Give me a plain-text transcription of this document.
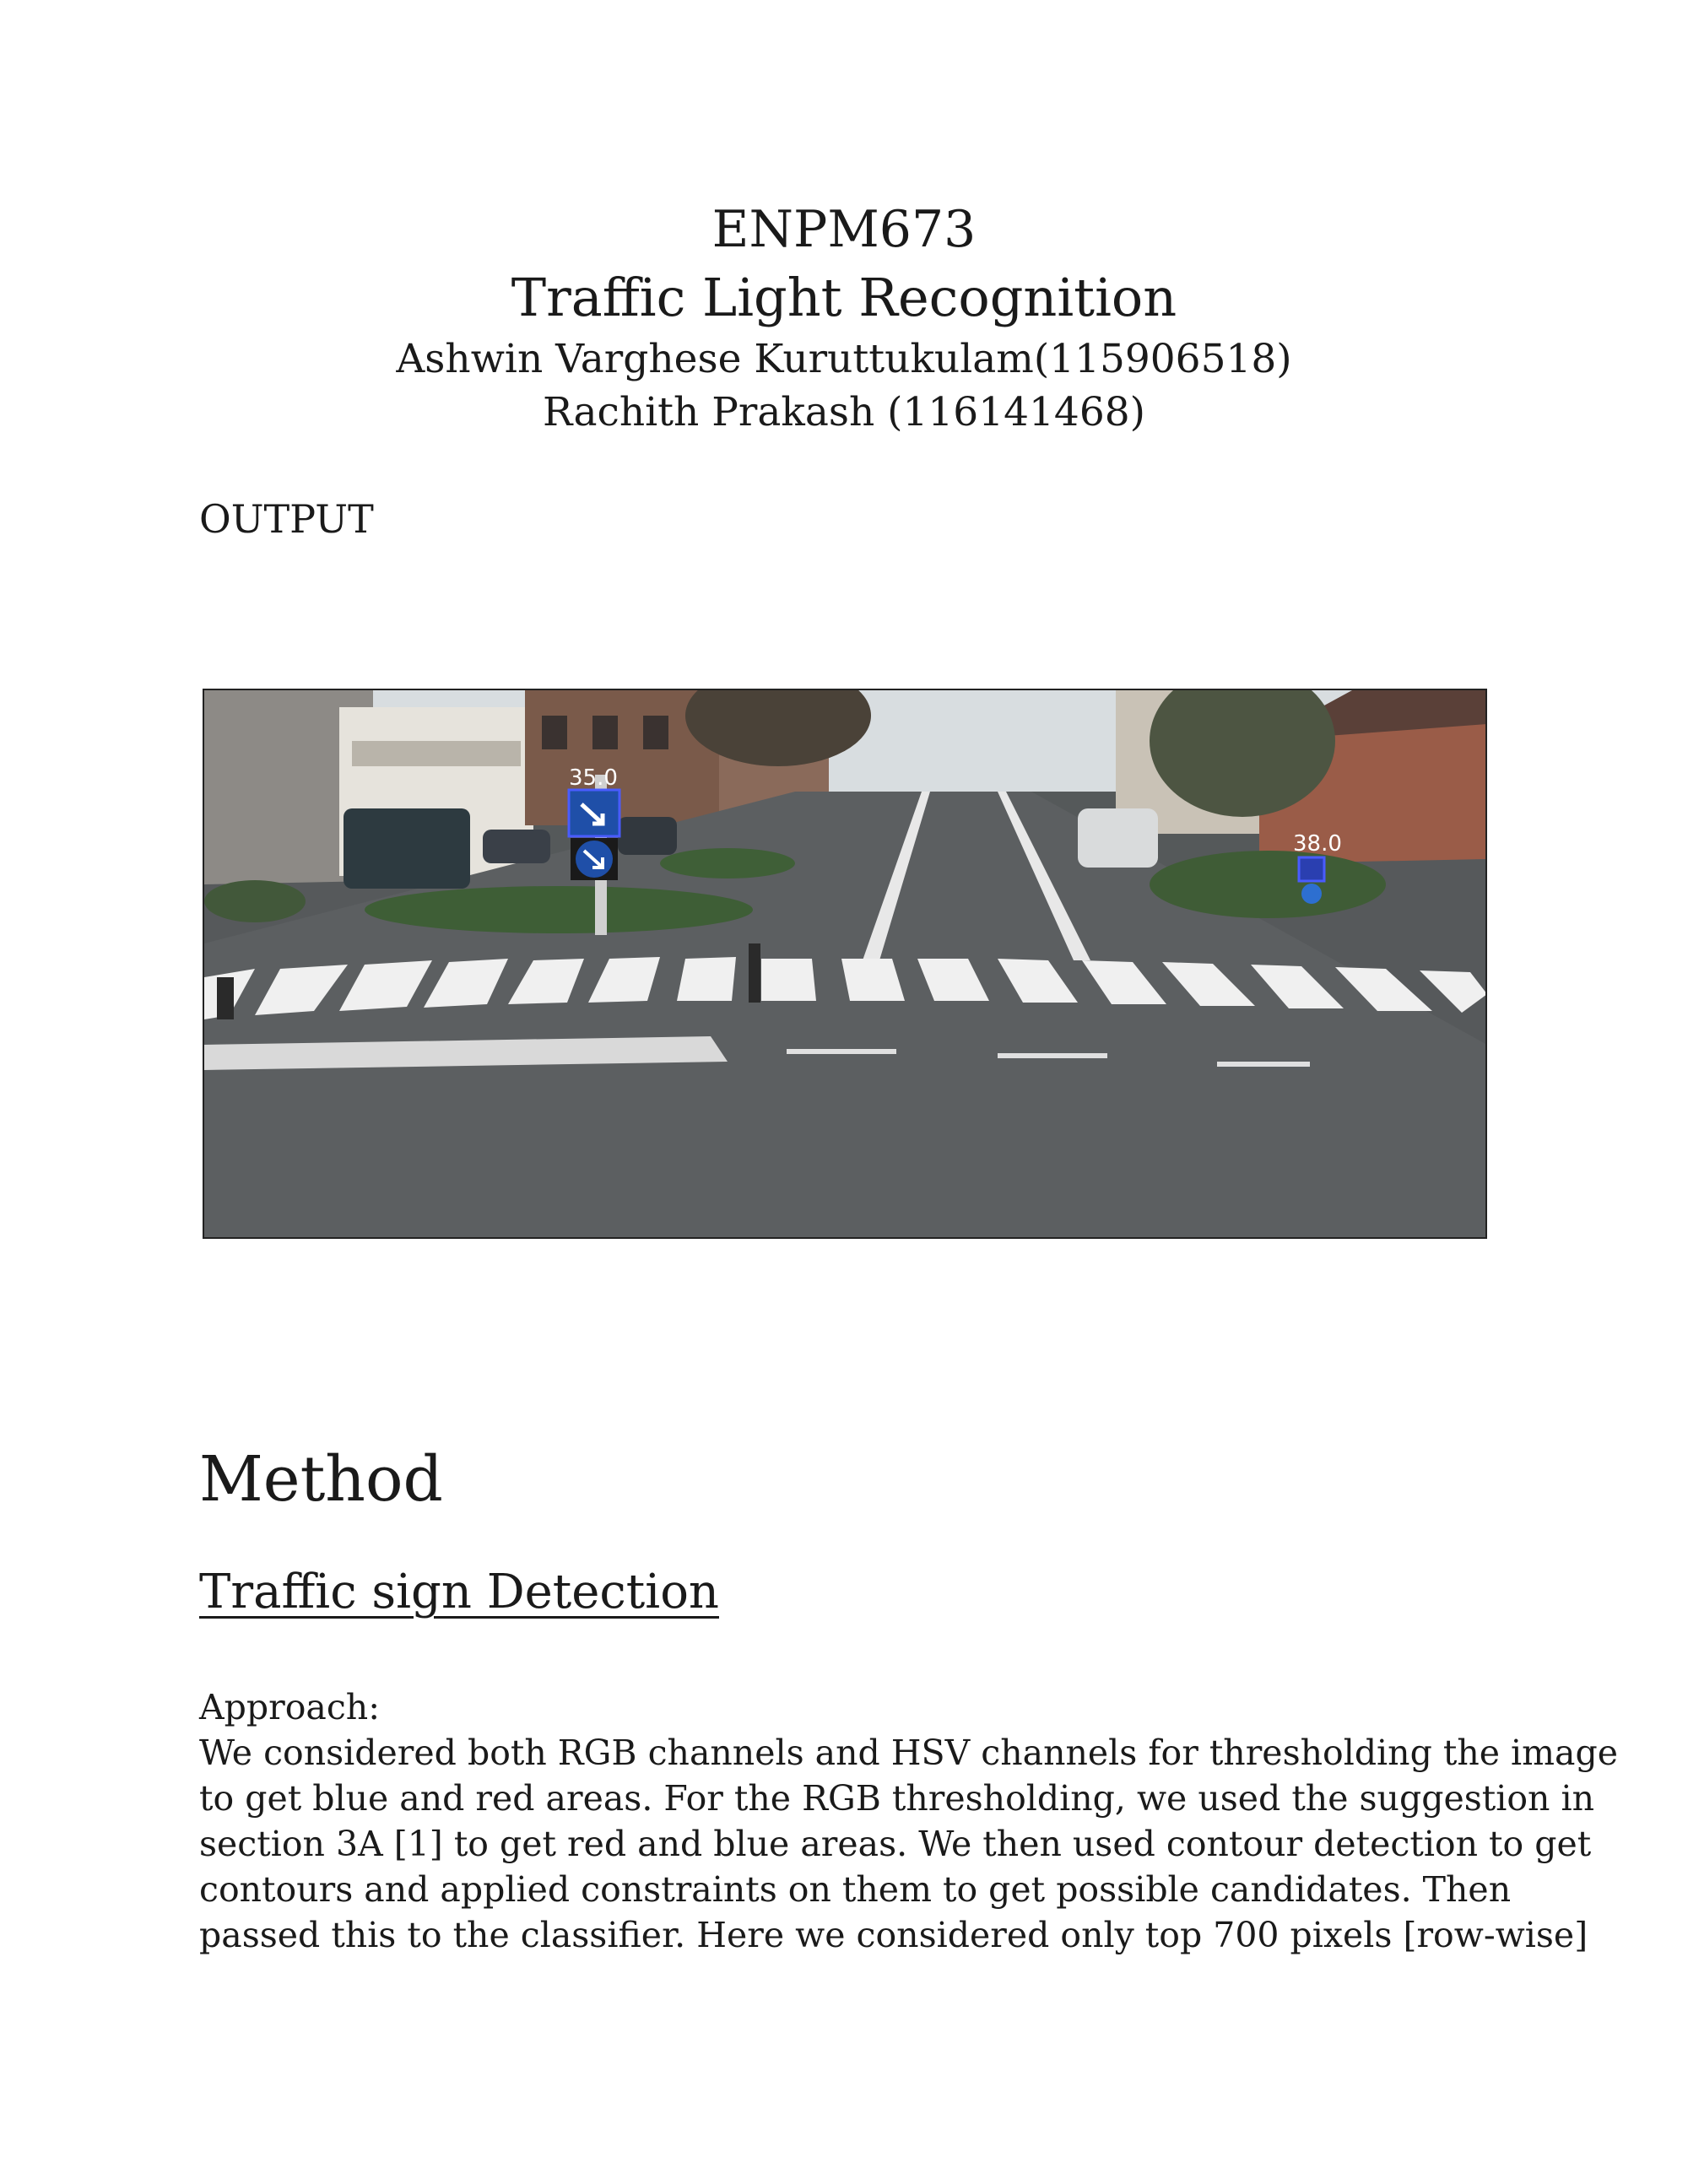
ENPM673
Traffic Light Recognition
Ashwin Varghese Kuruttukulam(115906518)
Rachith Prakash (116141468)
OUTPUT
35.0
38.0
Method
Traffic sign Detection
Approach:
We considered both RGB channels and HSV channels for thresholding the image
to get blue and red areas. For the RGB thresholding, we used the suggestion in
section 3A [1] to get red and blue areas. We then used contour detection to get
contours and applied constraints on them to get possible candidates. Then
passed this to the classifier. Here we considered only top 700 pixels [row-wise]
